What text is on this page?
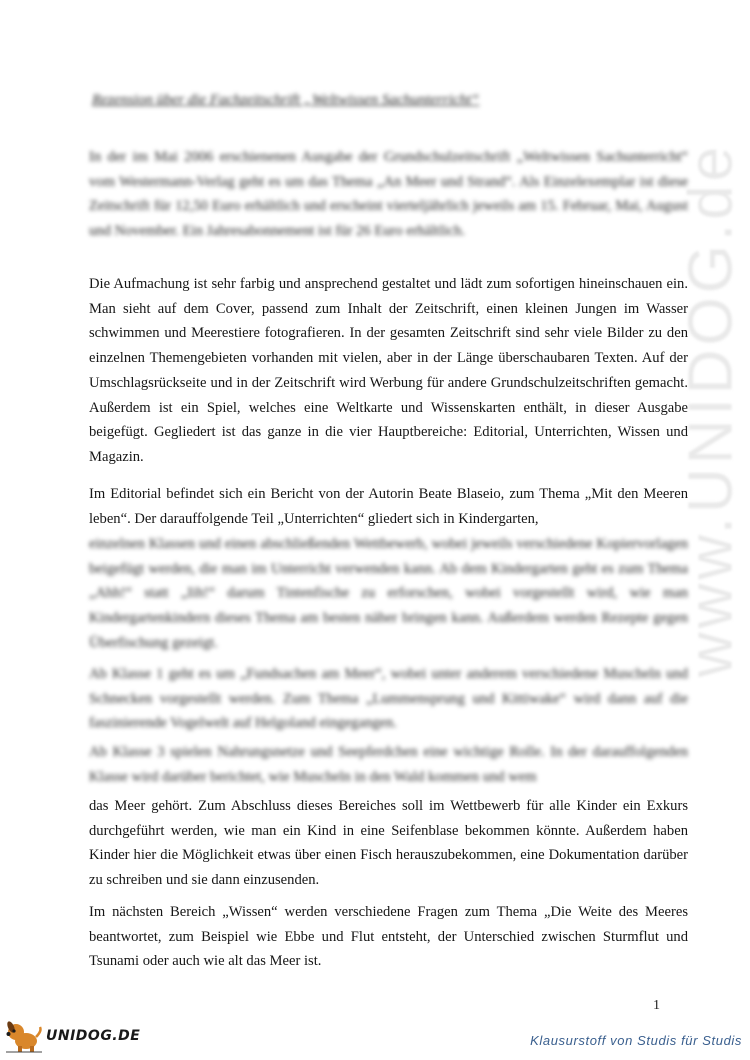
Rezension über die Fachzeitschrift „Weltwissen Sachunterricht“

In der im Mai 2006 erschienenen Ausgabe der Grundschulzeitschrift „Weltwissen Sachunterricht“ vom Westermann-Verlag geht es um das Thema „An Meer und Strand“. Als Einzelexemplar ist diese Zeitschrift für 12,50 Euro erhältlich und erscheint vierteljährlich jeweils am 15. Februar, Mai, August und November. Ein Jahresabonnement ist für 26 Euro erhältlich.

Die Aufmachung ist sehr farbig und ansprechend gestaltet und lädt zum sofortigen hineinschauen ein. Man sieht auf dem Cover, passend zum Inhalt der Zeitschrift, einen kleinen Jungen im Wasser schwimmen und Meerestiere fotografieren. In der gesamten Zeitschrift sind sehr viele Bilder zu den einzelnen Themengebieten vorhanden mit vielen, aber in der Länge überschaubaren Texten. Auf der Umschlagsrückseite und in der Zeitschrift wird Werbung für andere Grundschulzeitschriften gemacht. Außerdem ist ein Spiel, welches eine Weltkarte und Wissenskarten enthält, in dieser Ausgabe beigefügt. Gegliedert ist das ganze in die vier Hauptbereiche: Editorial, Unterrichten, Wissen und Magazin.

Im Editorial befindet sich ein Bericht von der Autorin Beate Blaseio, zum Thema „Mit den Meeren leben“. Der darauffolgende Teil „Unterrichten“ gliedert sich in Kindergarten,

einzelnen Klassen und einen abschließenden Wettbewerb, wobei jeweils verschiedene Kopiervorlagen beigefügt werden, die man im Unterricht verwenden kann. Ab dem Kindergarten geht es zum Thema „Ahh!“ statt „Iih!“ darum Tintenfische zu erforschen, wobei vorgestellt wird, wie man Kindergartenkindern dieses Thema am besten näher bringen kann. Außerdem werden Rezepte gegen Überfischung gezeigt.

Ab Klasse 1 geht es um „Fundsachen am Meer“, wobei unter anderem verschiedene Muscheln und Schnecken vorgestellt werden. Zum Thema „Lummensprung und Kittiwake“ wird dann auf die faszinierende Vogelwelt auf Helgoland eingegangen.

Ab Klasse 3 spielen Nahrungsnetze und Seepferdchen eine wichtige Rolle. In der darauffolgenden Klasse wird darüber berichtet, wie Muscheln in den Wald kommen und wem

das Meer gehört. Zum Abschluss dieses Bereiches soll im Wettbewerb für alle Kinder ein Exkurs durchgeführt werden, wie man ein Kind in eine Seifenblase bekommen könnte. Außerdem haben Kinder hier die Möglichkeit etwas über einen Fisch herauszubekommen, eine Dokumentation darüber zu schreiben und sie dann einzusenden.

Im nächsten Bereich „Wissen“ werden verschiedene Fragen zum Thema „Die Weite des Meeres beantwortet, zum Beispiel wie Ebbe und Flut entsteht, der Unterschied zwischen Sturmflut und Tsunami oder auch wie alt das Meer ist.

www.UNIDOG.de
1
UNIDOG.DE	Klausurstoff von Studis für Studis
